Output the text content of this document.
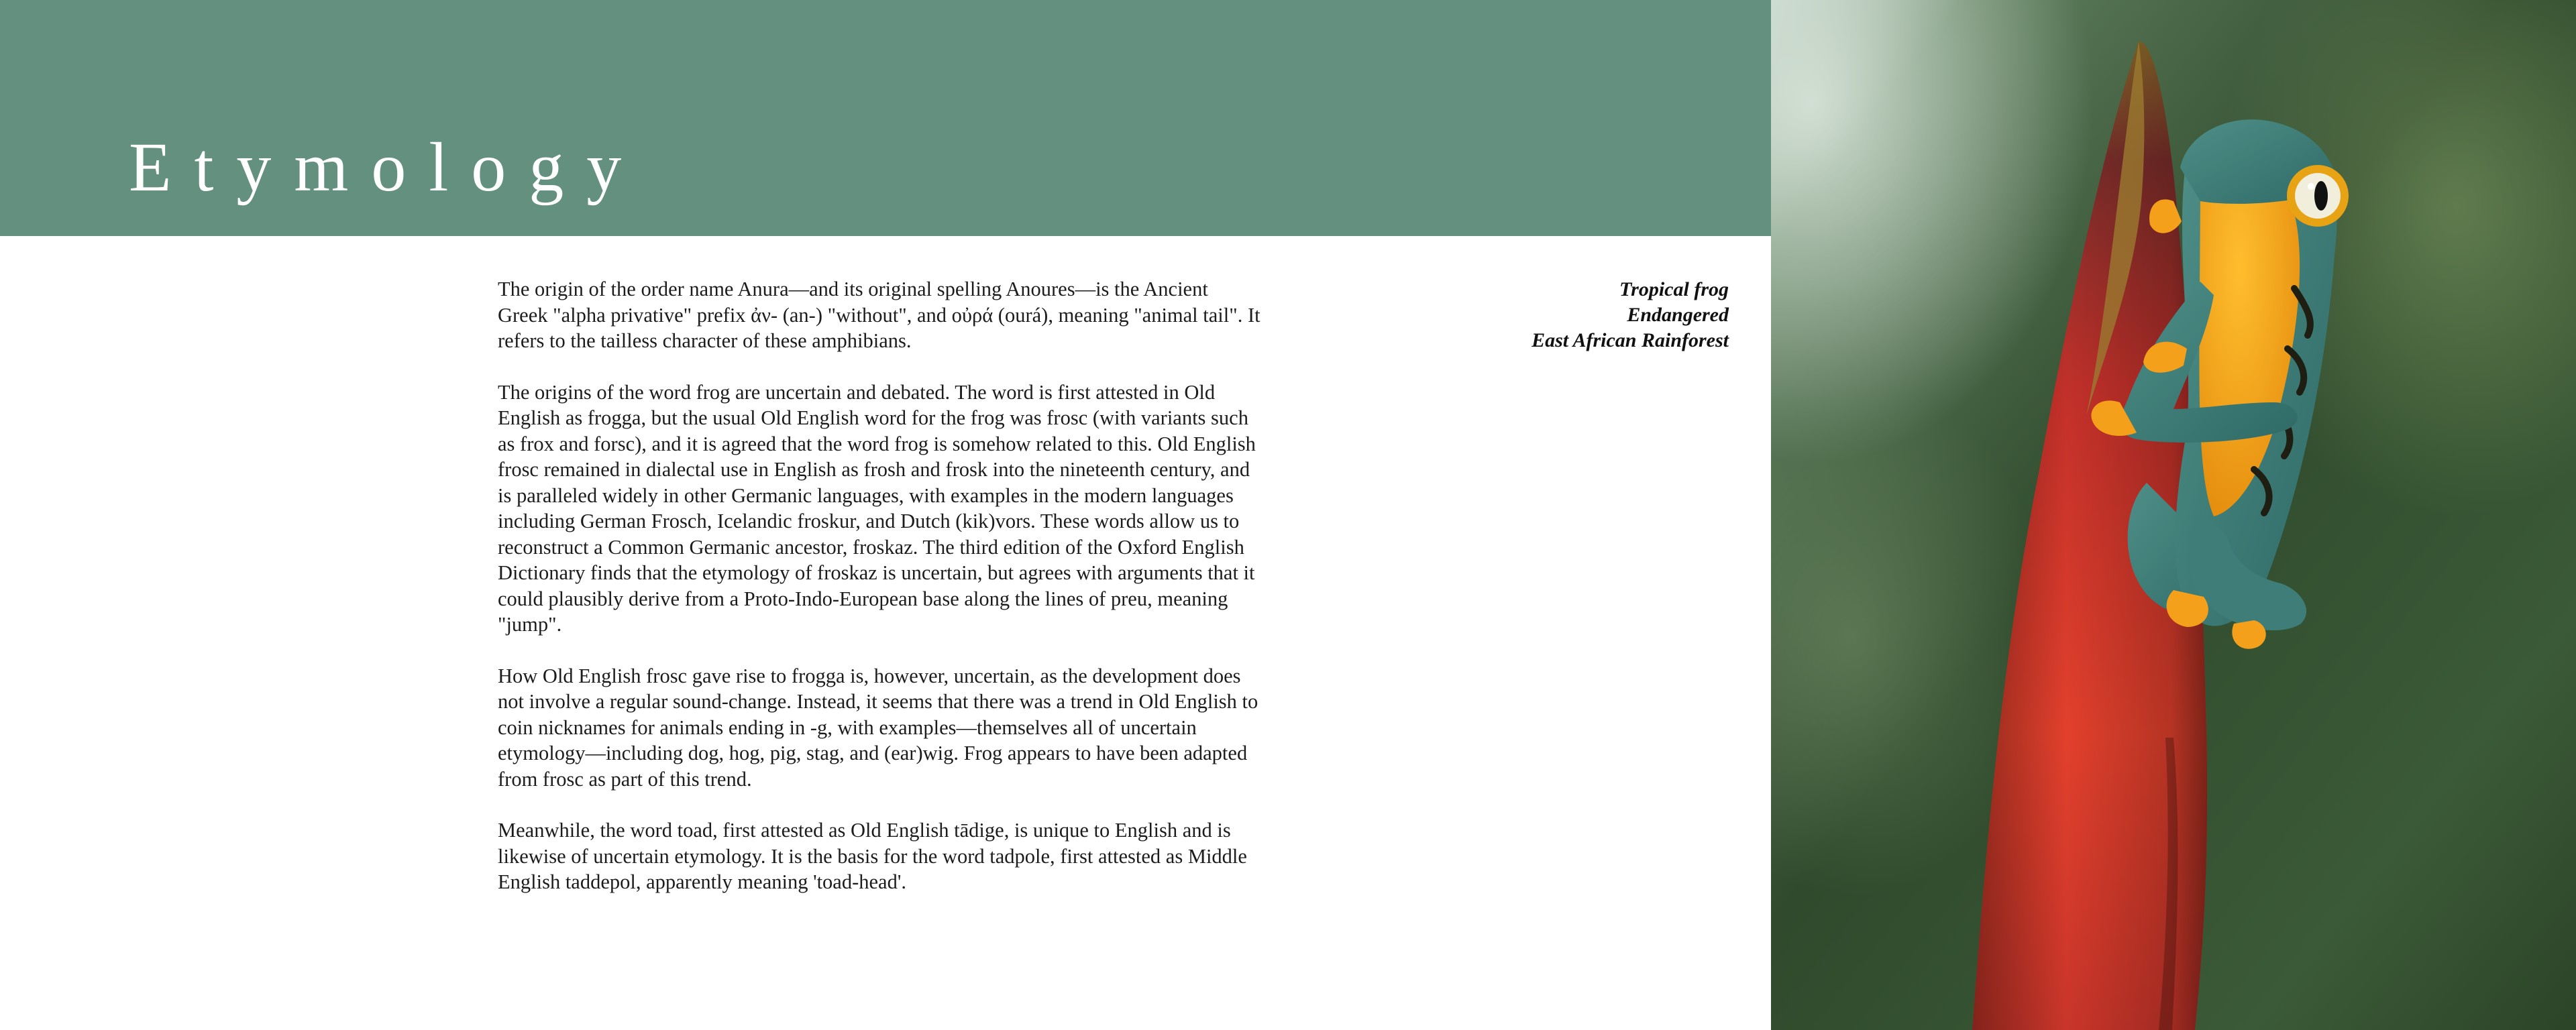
Etymology

The origin of the order name Anura—and its original spelling Anoures—is the Ancient Greek "alpha privative" prefix ἀν- (an-) "without", and οὐρά (ourá), meaning "animal tail". It refers to the tailless character of these amphibians.

The origins of the word frog are uncertain and debated. The word is first attested in Old English as frogga, but the usual Old English word for the frog was frosc (with variants such as frox and forsc), and it is agreed that the word frog is somehow related to this. Old English frosc remained in dialectal use in English as frosh and frosk into the nineteenth century, and is paralleled widely in other Germanic languages, with examples in the modern languages including German Frosch, Icelandic froskur, and Dutch (kik)vors. These words allow us to reconstruct a Common Germanic ancestor, froskaz. The third edition of the Oxford English Dictionary finds that the etymology of froskaz is uncertain, but agrees with arguments that it could plausibly derive from a Proto-Indo-European base along the lines of preu, meaning "jump".

How Old English frosc gave rise to frogga is, however, uncertain, as the development does not involve a regular sound-change. Instead, it seems that there was a trend in Old English to coin nicknames for animals ending in -g, with examples—themselves all of uncertain etymology—including dog, hog, pig, stag, and (ear)wig. Frog appears to have been adapted from frosc as part of this trend.

Meanwhile, the word toad, first attested as Old English tādige, is unique to English and is likewise of uncertain etymology. It is the basis for the word tadpole, first attested as Middle English taddepol, apparently meaning 'toad-head'.

Tropical frog
Endangered
East African Rainforest
